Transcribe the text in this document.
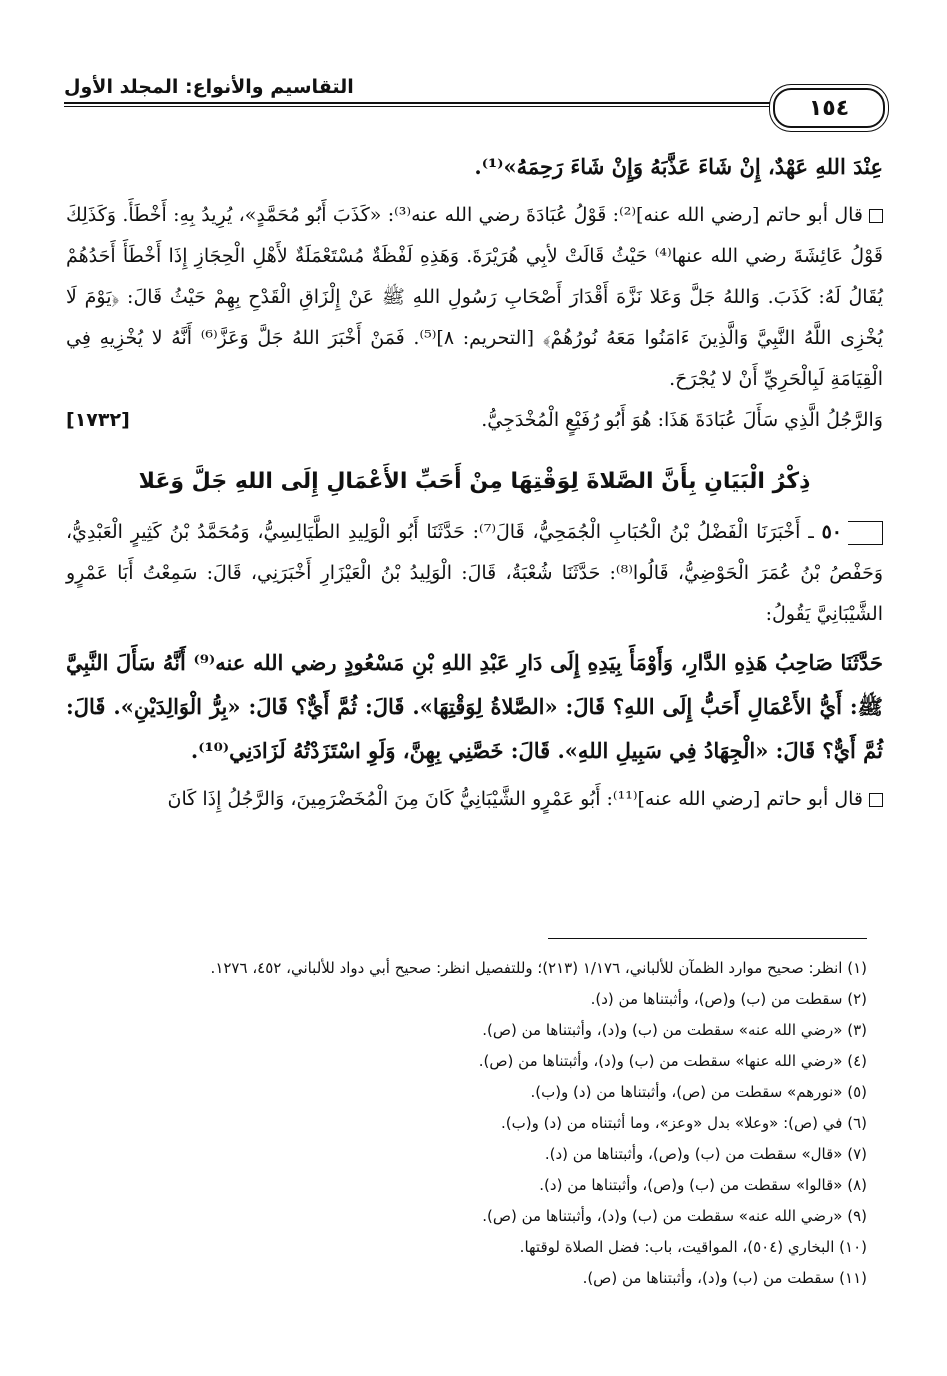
التقاسيم والأنواع: المجلد الأول
١٥٤

عِنْدَ اللهِ عَهْدٌ، إِنْ شَاءَ عَذَّبَهُ وَإِنْ شَاءَ رَحِمَهُ»⁽¹⁾.

قال أبو حاتم [رضي الله عنه]⁽²⁾: قَوْلُ عُبَادَةَ رضي الله عنه⁽³⁾: «كَذَبَ أَبُو مُحَمَّدٍ»، يُرِيدُ بِهِ: أَخْطَأَ. وَكَذَلِكَ قَوْلُ عَائِشَةَ رضي الله عنها⁽⁴⁾ حَيْثُ قَالَتْ لأبِي هُرَيْرَةَ. وَهَذِهِ لَفْظَةٌ مُسْتَعْمَلَةٌ لأَهْلِ الْحِجَازِ إِذَا أَخْطَأَ أَحَدُهُمْ يُقَالُ لَهُ: كَذَبَ. وَاللهُ جَلَّ وَعَلا نَزَّهَ أَقْدَارَ أَصْحَابِ رَسُولِ اللهِ ﷺ عَنْ إِلْزَاقِ الْقَدْحِ بِهِمْ حَيْثُ قَالَ: ﴿يَوْمَ لَا يُخْزِى اللَّهُ النَّبِيَّ وَالَّذِينَ ءَامَنُوا مَعَهُ نُورُهُمْ﴾ [التحريم: ٨]⁽⁵⁾. فَمَنْ أَخْبَرَ اللهُ جَلَّ وَعَزَّ⁽⁶⁾ أَنَّهُ لا يُخْزِيهِ فِي الْقِيَامَةِ لَبِالْحَرِيِّ أَنْ لا يُجْرَحَ.

وَالرَّجُلُ الَّذِي سَأَلَ عُبَادَةَ هَذَا: هُوَ أَبُو رُفَيْعٍ الْمُخْدَجِيُّ.
[١٧٣٢]
ذِكْرُ الْبَيَانِ بِأَنَّ الصَّلاةَ لِوَقْتِهَا مِنْ أَحَبِّ الأَعْمَالِ إِلَى اللهِ جَلَّ وَعَلا

٥٠ ـ أَخْبَرَنَا الْفَضْلُ بْنُ الْحُبَابِ الْجُمَحِيُّ، قَالَ⁽⁷⁾: حَدَّثَنَا أَبُو الْوَلِيدِ الطَّيَالِسِيُّ، وَمُحَمَّدُ بْنُ كَثِيرٍ الْعَبْدِيُّ، وَحَفْصُ بْنُ عُمَرَ الْحَوْضِيُّ، قَالُوا⁽⁸⁾: حَدَّثَنَا شُعْبَةُ، قَالَ: الْوَلِيدُ بْنُ الْعَيْزَارِ أَخْبَرَنِي، قَالَ: سَمِعْتُ أَبَا عَمْرٍو الشَّيْبَانِيَّ يَقُولُ:

حَدَّثَنَا صَاحِبُ هَذِهِ الدَّارِ، وَأَوْمَأَ بِيَدِهِ إِلَى دَارِ عَبْدِ اللهِ بْنِ مَسْعُودٍ رضي الله عنه⁽⁹⁾ أَنَّهُ سَأَلَ النَّبِيَّ ﷺ: أَيُّ الأَعْمَالِ أَحَبُّ إِلَى اللهِ؟ قَالَ: «الصَّلاةُ لِوَقْتِهَا». قَالَ: ثُمَّ أَيٌّ؟ قَالَ: «بِرُّ الْوَالِدَيْنِ». قَالَ: ثُمَّ أَيٌّ؟ قَالَ: «الْجِهَادُ فِي سَبِيلِ اللهِ». قَالَ: خَصَّنِي بِهِنَّ، وَلَوِ اسْتَزَدْتُهُ لَزَادَنِي⁽¹⁰⁾.

قال أبو حاتم [رضي الله عنه]⁽¹¹⁾: أَبُو عَمْرٍو الشَّيْبَانِيُّ كَانَ مِنَ الْمُخَضْرَمِينَ، وَالرَّجُلُ إِذَا كَانَ

(١) انظر: صحيح موارد الظمآن للألباني، ١/١٧٦ (٢١٣)؛ وللتفصيل انظر: صحيح أبي دواد للألباني، ٤٥٢، ١٢٧٦.
(٢) سقطت من (ب) و(ص)، وأثبتناها من (د).
(٣) «رضي الله عنه» سقطت من (ب) و(د)، وأثبتناها من (ص).
(٤) «رضي الله عنها» سقطت من (ب) و(د)، وأثبتناها من (ص).
(٥) «نورهم» سقطت من (ص)، وأثبتناها من (د) و(ب).
(٦) في (ص): «وعلا» بدل «وعز»، وما أثبتناه من (د) و(ب).
(٧) «قال» سقطت من (ب) و(ص)، وأثبتناها من (د).
(٨) «قالوا» سقطت من (ب) و(ص)، وأثبتناها من (د).
(٩) «رضي الله عنه» سقطت من (ب) و(د)، وأثبتناها من (ص).
(١٠) البخاري (٥٠٤)، المواقيت، باب: فضل الصلاة لوقتها.
(١١) سقطت من (ب) و(د)، وأثبتناها من (ص).
